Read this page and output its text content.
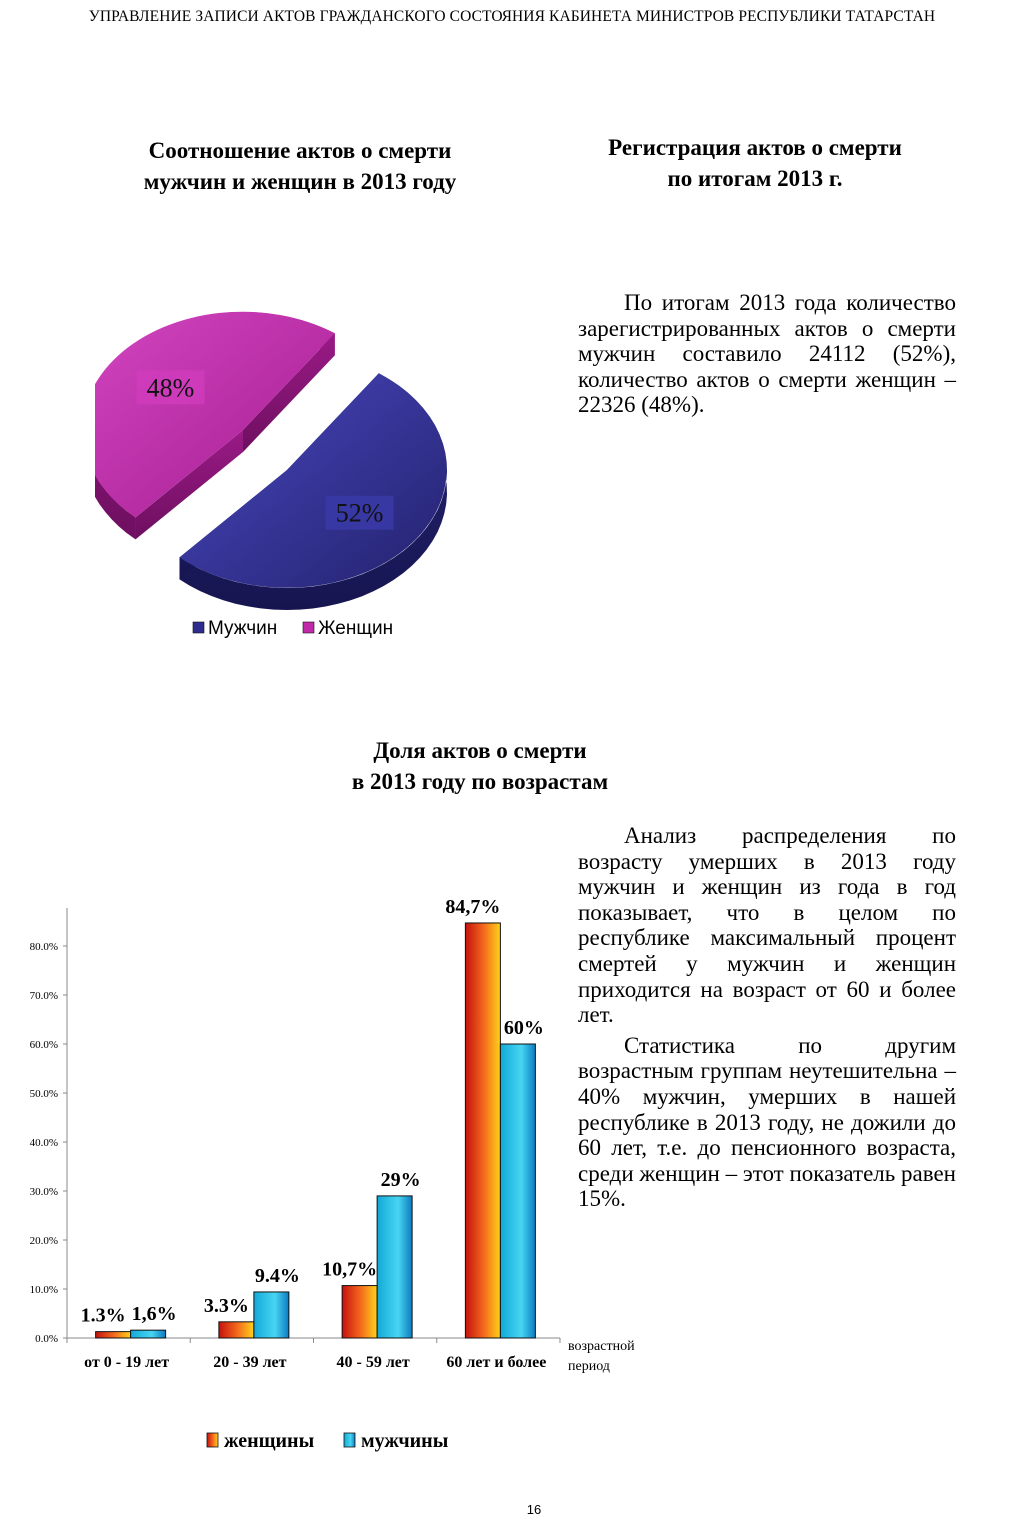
УПРАВЛЕНИЕ ЗАПИСИ АКТОВ ГРАЖДАНСКОГО СОСТОЯНИЯ КАБИНЕТА МИНИСТРОВ РЕСПУБЛИКИ ТАТАРСТАН
Соотношение актов о смерти
мужчин и женщин в 2013 году
Регистрация актов о смерти
по итогам 2013 г.
48%
52%
Мужчин Женщин

По итогам 2013 года количество зарегистрированных актов о смерти мужчин составило 24112 (52%), количество актов о смерти женщин – 22326 (48%).

Доля актов о смерти
в 2013 году по возрастам
0.0%
10.0%
20.0%
30.0%
40.0%
50.0%
60.0%
70.0%
80.0%
от 0 - 19 лет
1.3% 1,6%
20 - 39 лет
3.3%
9.4%
40 - 59 лет
10,7%
29%
60 лет и более
84,7%
60%
возрастной
период
женщины мужчины

Анализ распределения по возрасту умерших в 2013 году мужчин и женщин из года в год показывает, что в целом по республике максимальный процент смертей у мужчин и женщин приходится на возраст от 60 и более лет.

Статистика по другим возрастным группам неутешительна – 40% мужчин, умерших в нашей республике в 2013 году, не дожили до 60 лет, т.е. до пенсионного возраста, среди женщин – этот показатель равен 15%.

16
